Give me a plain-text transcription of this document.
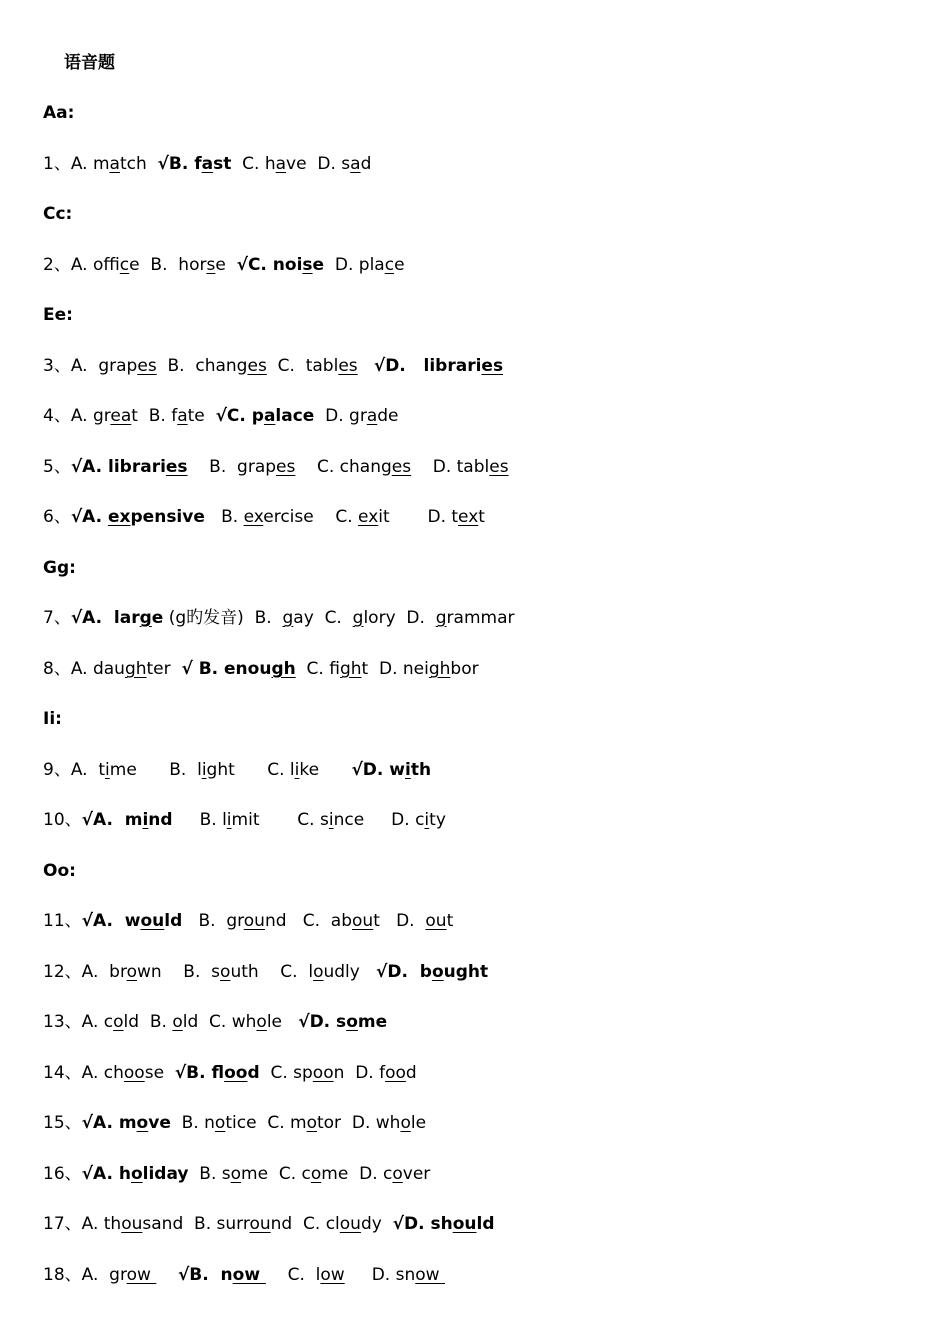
语音题
Aa:
1、A. match  √B. fast  C. have  D. sad
Cc:
2、A. office  B.  horse  √C. noise  D. place
Ee:
3、A.  grapes  B.  changes  C.  tables √D.   libraries
4、A. great  B. fate  √C. palace  D. grade
5、√A. libraries    B.  grapes    C. changes    D. tables
6、√A. expensive   B. exercise    C. exit       D. text
Gg:
7、√A.  large (g旳发音)  B.  gay  C.  glory  D.  grammar
8、A. daughter  √ B. enough  C. fight  D. neighbor
Ii:
9、A.  time      B.  light      C. like      √D. with
10、√A.  mind     B. limit       C. since     D. city
Oo:
11、√A.  would   B.  ground   C.  about   D.  out
12、A.  brown    B.  south    C.  loudly   √D.  bought
13、A. cold  B. old  C. whole   √D. some
14、A. choose  √B. flood  C. spoon  D. food
15、√A. move  B. notice  C. motor  D. whole
16、√A. holiday  B. some  C. come  D. cover
17、A. thousand  B. surround  C. cloudy  √D. should
18、A.  grow     √B.  now     C.  low     D. snow
